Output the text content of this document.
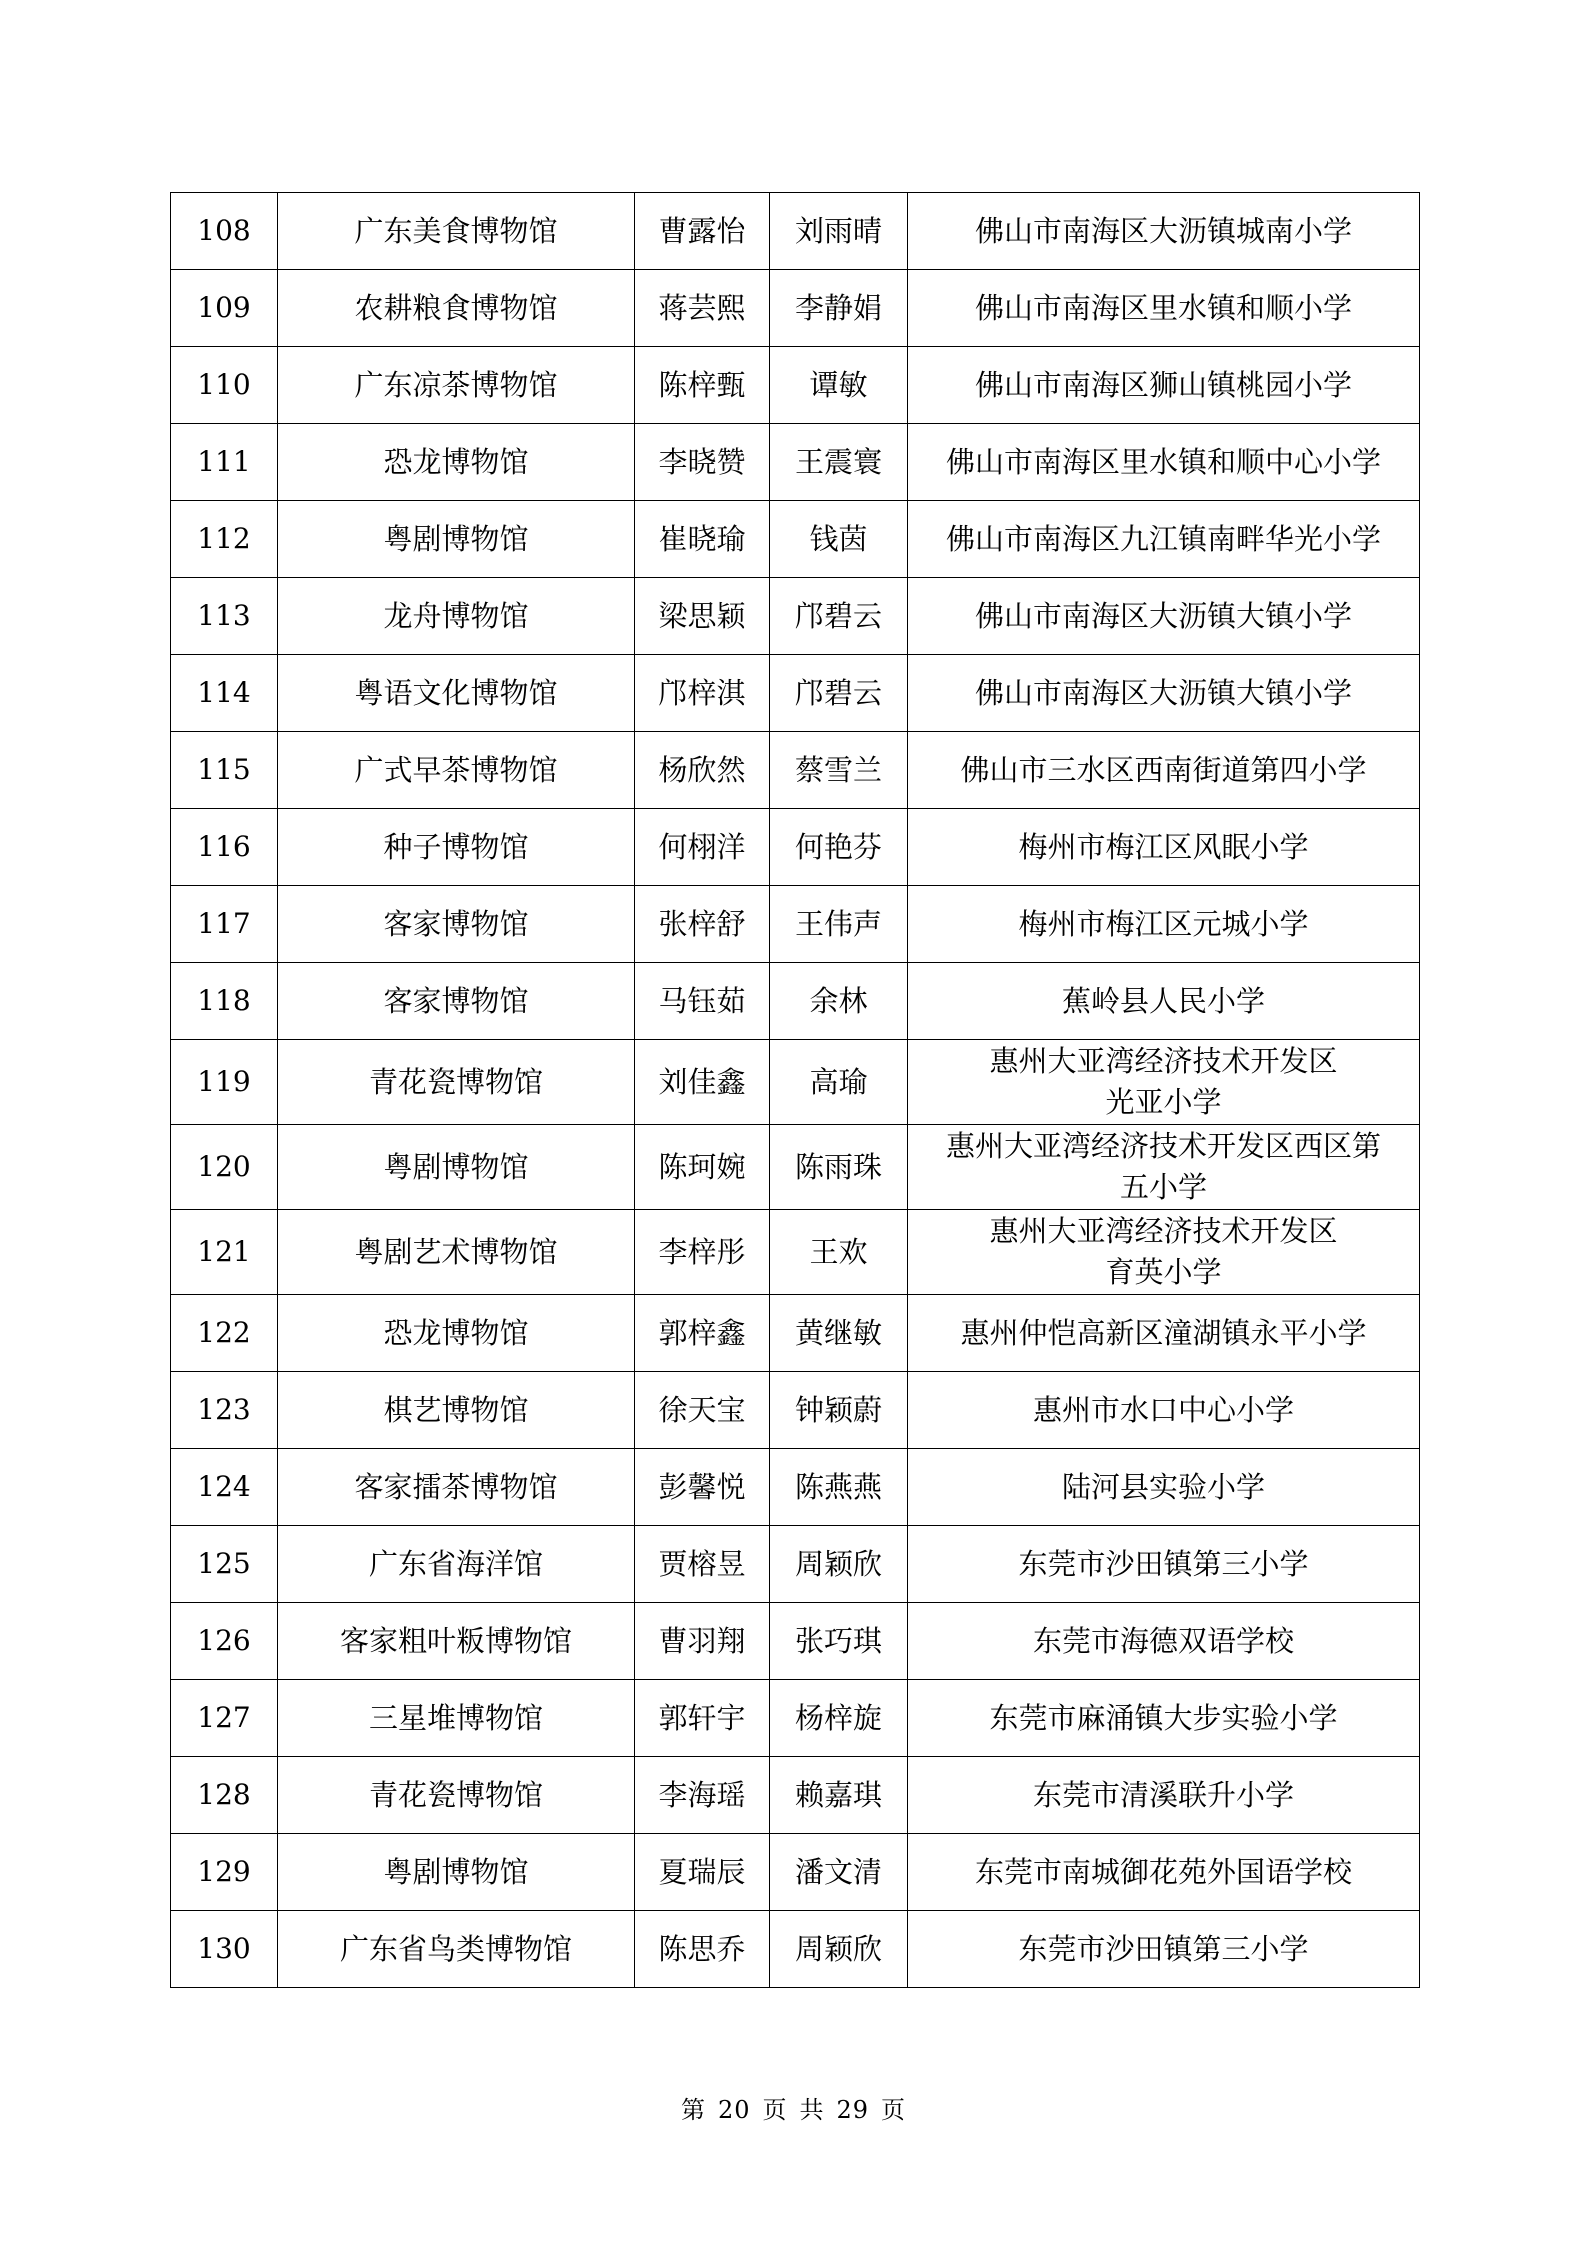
108	广东美食博物馆	曹露怡	刘雨晴	佛山市南海区大沥镇城南小学
109	农耕粮食博物馆	蒋芸熙	李静娟	佛山市南海区里水镇和顺小学
110	广东凉茶博物馆	陈梓甄	谭敏	佛山市南海区狮山镇桃园小学
111	恐龙博物馆	李晓赞	王震寰	佛山市南海区里水镇和顺中心小学
112	粤剧博物馆	崔晓瑜	钱茵	佛山市南海区九江镇南畔华光小学
113	龙舟博物馆	梁思颖	邝碧云	佛山市南海区大沥镇大镇小学
114	粤语文化博物馆	邝梓淇	邝碧云	佛山市南海区大沥镇大镇小学
115	广式早茶博物馆	杨欣然	蔡雪兰	佛山市三水区西南街道第四小学
116	种子博物馆	何栩洋	何艳芬	梅州市梅江区风眠小学
117	客家博物馆	张梓舒	王伟声	梅州市梅江区元城小学
118	客家博物馆	马钰茹	余林	蕉岭县人民小学
119	青花瓷博物馆	刘佳鑫	高瑜	惠州大亚湾经济技术开发区
光亚小学
120	粤剧博物馆	陈珂婉	陈雨珠	惠州大亚湾经济技术开发区西区第
五小学
121	粤剧艺术博物馆	李梓彤	王欢	惠州大亚湾经济技术开发区
育英小学
122	恐龙博物馆	郭梓鑫	黄继敏	惠州仲恺高新区潼湖镇永平小学
123	棋艺博物馆	徐天宝	钟颖蔚	惠州市水口中心小学
124	客家擂茶博物馆	彭馨悦	陈燕燕	陆河县实验小学
125	广东省海洋馆	贾榕昱	周颖欣	东莞市沙田镇第三小学
126	客家粗叶粄博物馆	曹羽翔	张巧琪	东莞市海德双语学校
127	三星堆博物馆	郭轩宇	杨梓旋	东莞市麻涌镇大步实验小学
128	青花瓷博物馆	李海瑶	赖嘉琪	东莞市清溪联升小学
129	粤剧博物馆	夏瑞辰	潘文清	东莞市南城御花苑外国语学校
130	广东省鸟类博物馆	陈思乔	周颖欣	东莞市沙田镇第三小学
第 20 页 共 29 页
